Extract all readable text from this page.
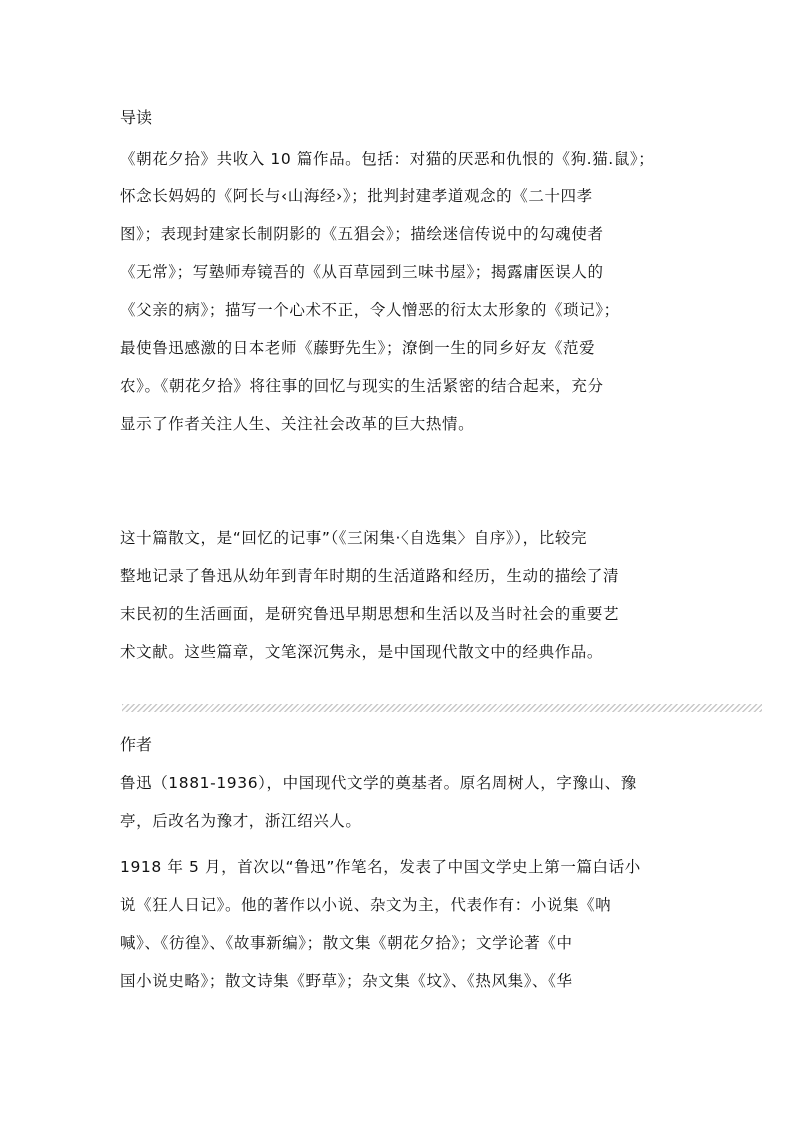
导读
《朝花夕拾》共收入 10 篇作品。包括：对猫的厌恶和仇恨的《狗.猫.鼠》；
怀念长妈妈的《阿长与‹山海经›》；批判封建孝道观念的《二十四孝
图》；表现封建家长制阴影的《五猖会》；描绘迷信传说中的勾魂使者
《无常》；写塾师寿镜吾的《从百草园到三味书屋》；揭露庸医误人的
《父亲的病》；描写一个心术不正，令人憎恶的衍太太形象的《琐记》；
最使鲁迅感激的日本老师《藤野先生》；潦倒一生的同乡好友《范爱
农》。《朝花夕拾》将往事的回忆与现实的生活紧密的结合起来，充分
显示了作者关注人生、关注社会改革的巨大热情。
这十篇散文，是“回忆的记事”（《三闲集·〈自选集〉自序》），比较完
整地记录了鲁迅从幼年到青年时期的生活道路和经历，生动的描绘了清
末民初的生活画面，是研究鲁迅早期思想和生活以及当时社会的重要艺
术文献。这些篇章，文笔深沉隽永，是中国现代散文中的经典作品。
作者
鲁迅（1881-1936），中国现代文学的奠基者。原名周树人，字豫山、豫
亭，后改名为豫才，浙江绍兴人。
1918 年 5 月，首次以“鲁迅”作笔名，发表了中国文学史上第一篇白话小
说《狂人日记》。他的著作以小说、杂文为主，代表作有：小说集《呐
喊》、《彷徨》、《故事新编》；散文集《朝花夕拾》；文学论著《中
国小说史略》；散文诗集《野草》；杂文集《坟》、《热风集》、《华
